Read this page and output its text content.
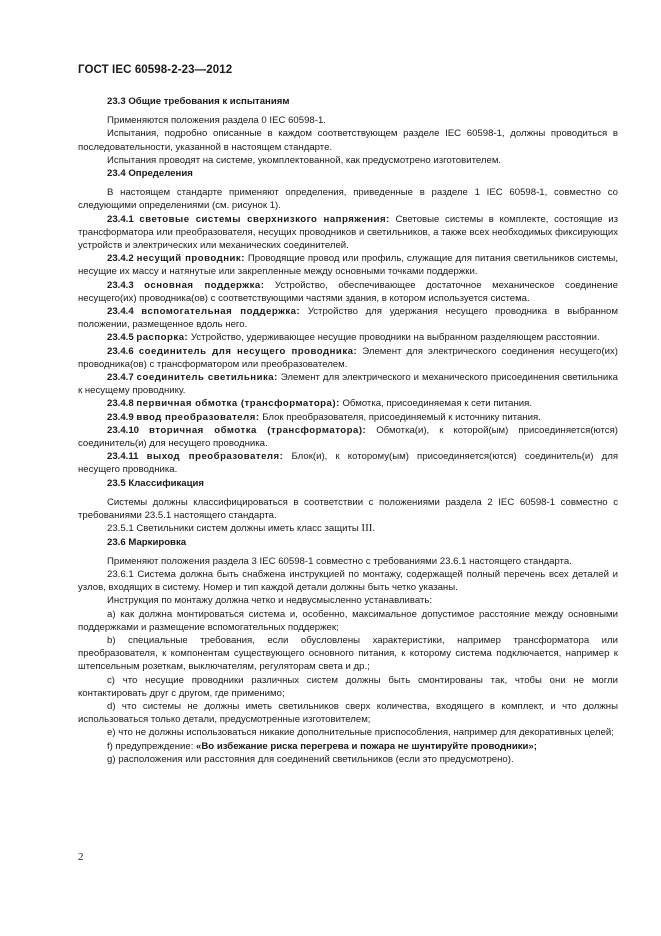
ГОСТ IEC 60598-2-23—2012
23.3 Общие требования к испытаниям

Применяются положения раздела 0 IEC 60598-1.

Испытания, подробно описанные в каждом соответствующем разделе IEC 60598-1, должны проводиться в последовательности, указанной в настоящем стандарте.

Испытания проводят на системе, укомплектованной, как предусмотрено изготовителем.

23.4 Определения

В настоящем стандарте применяют определения, приведенные в разделе 1 IEC 60598-1, совместно со следующими определениями (см. рисунок 1).

23.4.1 световые системы сверхнизкого напряжения: Световые системы в комплекте, состоящие из трансформатора или преобразователя, несущих проводников и светильников, а также всех необходимых фиксирующих устройств и электрических или механических соединителей.

23.4.2 несущий проводник: Проводящие провод или профиль, служащие для питания светильников системы, несущие их массу и натянутые или закрепленные между основными точками поддержки.

23.4.3 основная поддержка: Устройство, обеспечивающее достаточное механическое соединение несущего(их) проводника(ов) с соответствующими частями здания, в котором используется система.

23.4.4 вспомогательная поддержка: Устройство для удержания несущего проводника в выбранном положении, размещенное вдоль него.

23.4.5 распорка: Устройство, удерживающее несущие проводники на выбранном разделяющем расстоянии.

23.4.6 соединитель для несущего проводника: Элемент для электрического соединения несущего(их) проводника(ов) с трансформатором или преобразователем.

23.4.7 соединитель светильника: Элемент для электрического и механического присоединения светильника к несущему проводнику.

23.4.8 первичная обмотка (трансформатора): Обмотка, присоединяемая к сети питания.

23.4.9 ввод преобразователя: Блок преобразователя, присоединяемый к источнику питания.

23.4.10 вторичная обмотка (трансформатора): Обмотка(и), к которой(ым) присоединяется(ются) соединитель(и) для несущего проводника.

23.4.11 выход преобразователя: Блок(и), к которому(ым) присоединяется(ются) соединитель(и) для несущего проводника.

23.5 Классификация

Системы должны классифицироваться в соответствии с положениями раздела 2 IEC 60598-1 совместно с требованиями 23.5.1 настоящего стандарта.

23.5.1 Светильники систем должны иметь класс защиты III.

23.6 Маркировка

Применяют положения раздела 3 IEC 60598-1 совместно с требованиями 23.6.1 настоящего стандарта.

23.6.1 Система должна быть снабжена инструкцией по монтажу, содержащей полный перечень всех деталей и узлов, входящих в систему. Номер и тип каждой детали должны быть четко указаны.

Инструкция по монтажу должна четко и недвусмысленно устанавливать:

a) как должна монтироваться система и, особенно, максимальное допустимое расстояние между основными поддержками и размещение вспомогательных поддержек;

b) специальные требования, если обусловлены характеристики, например трансформатора или преобразователя, к компонентам существующего основного питания, к которому система подключается, например к штепсельным розеткам, выключателям, регуляторам света и др.;

c) что несущие проводники различных систем должны быть смонтированы так, чтобы они не могли контактировать друг с другом, где применимо;

d) что системы не должны иметь светильников сверх количества, входящего в комплект, и что должны использоваться только детали, предусмотренные изготовителем;

e) что не должны использоваться никакие дополнительные приспособления, например для декоративных целей;

f) предупреждение: «Во избежание риска перегрева и пожара не шунтируйте проводники»;

g) расположения или расстояния для соединений светильников (если это предусмотрено).

2
